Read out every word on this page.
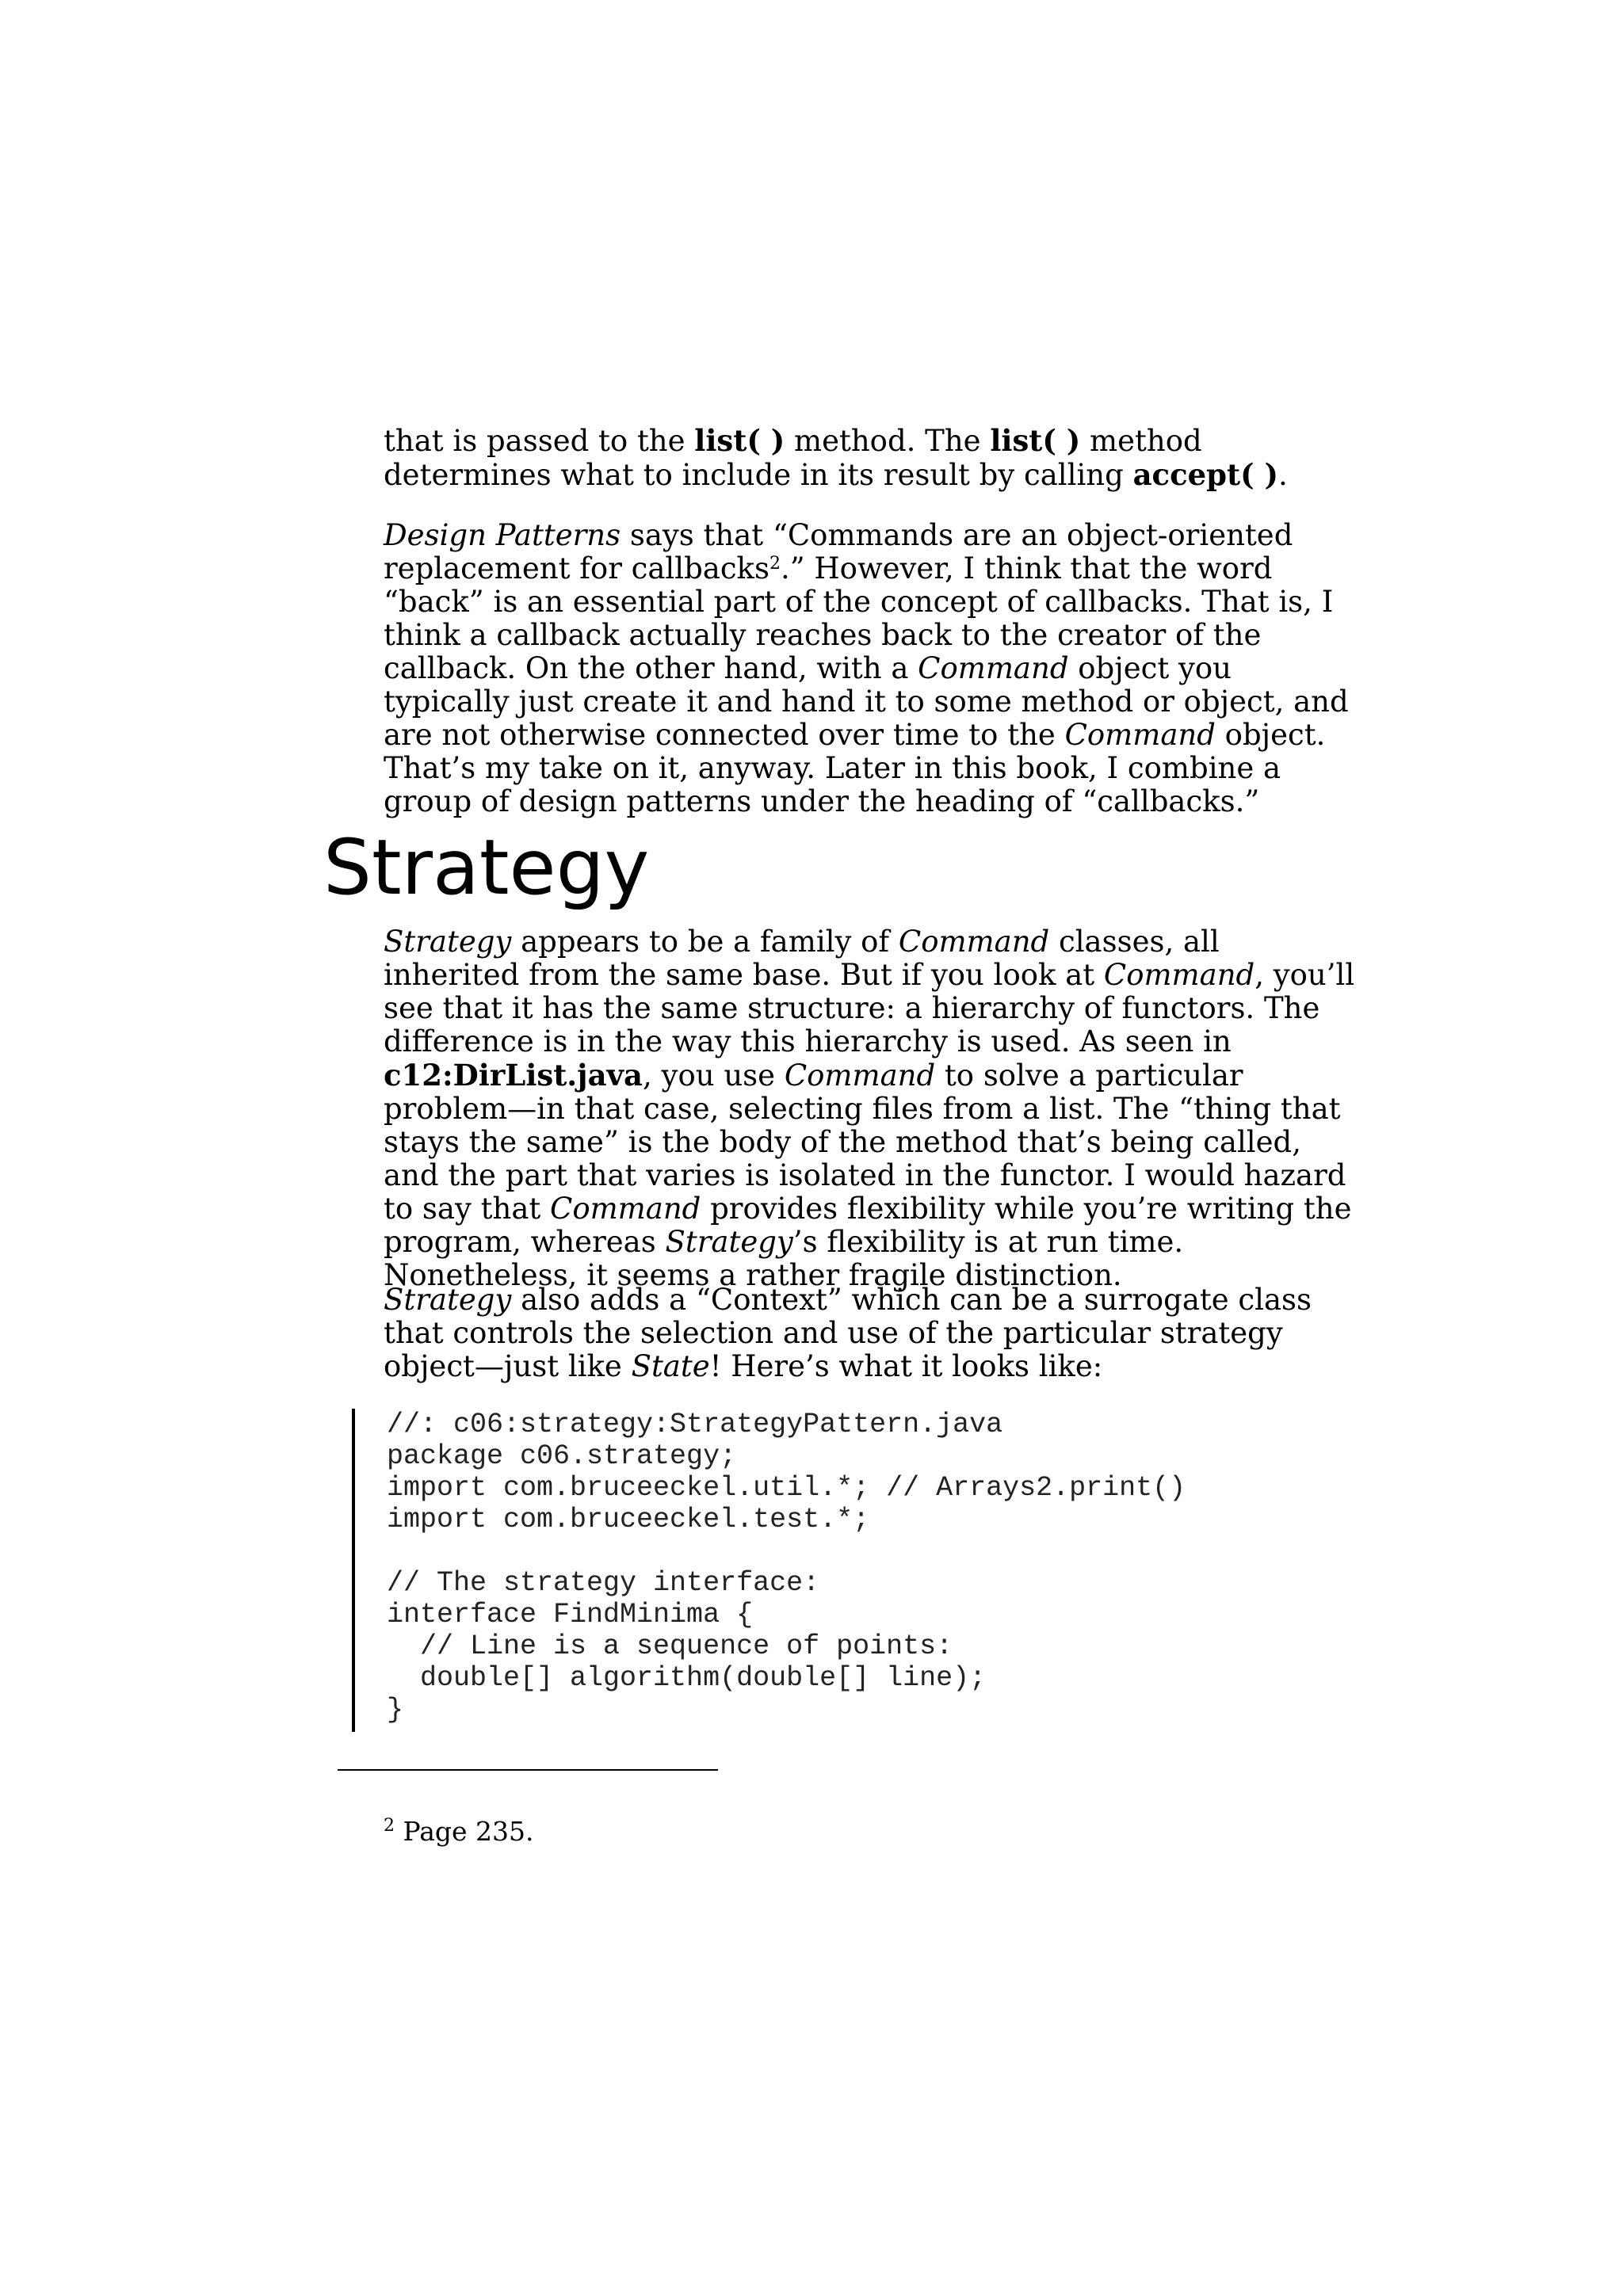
that is passed to the list( ) method. The list( ) method determines what to include in its result by calling accept( ).

Design Patterns says that “Commands are an object-oriented replacement for callbacks$^2$.” However, I think that the word “back” is an essential part of the concept of callbacks. That is, I think a callback actually reaches back to the creator of the callback. On the other hand, with a Command object you typically just create it and hand it to some method or object, and are not otherwise connected over time to the Command object. That’s my take on it, anyway. Later in this book, I combine a group of design patterns under the heading of “callbacks.”

Strategy

Strategy appears to be a family of Command classes, all inherited from the same base. But if you look at Command, you’ll see that it has the same structure: a hierarchy of functors. The difference is in the way this hierarchy is used. As seen in c12:DirList.java, you use Command to solve a particular problem—in that case, selecting files from a list. The “thing that stays the same” is the body of the method that’s being called, and the part that varies is isolated in the functor. I would hazard to say that Command provides flexibility while you’re writing the program, whereas Strategy’s flexibility is at run time. Nonetheless, it seems a rather fragile distinction.

Strategy also adds a “Context” which can be a surrogate class that controls the selection and use of the particular strategy object—just like State! Here’s what it looks like:

//: c06:strategy:StrategyPattern.java
package c06.strategy;
import com.bruceeckel.util.*; // Arrays2.print()
import com.bruceeckel.test.*;
// The strategy interface:
interface FindMinima {
// Line is a sequence of points:
double[] algorithm(double[] line);
}

$^2$ Page 235.
